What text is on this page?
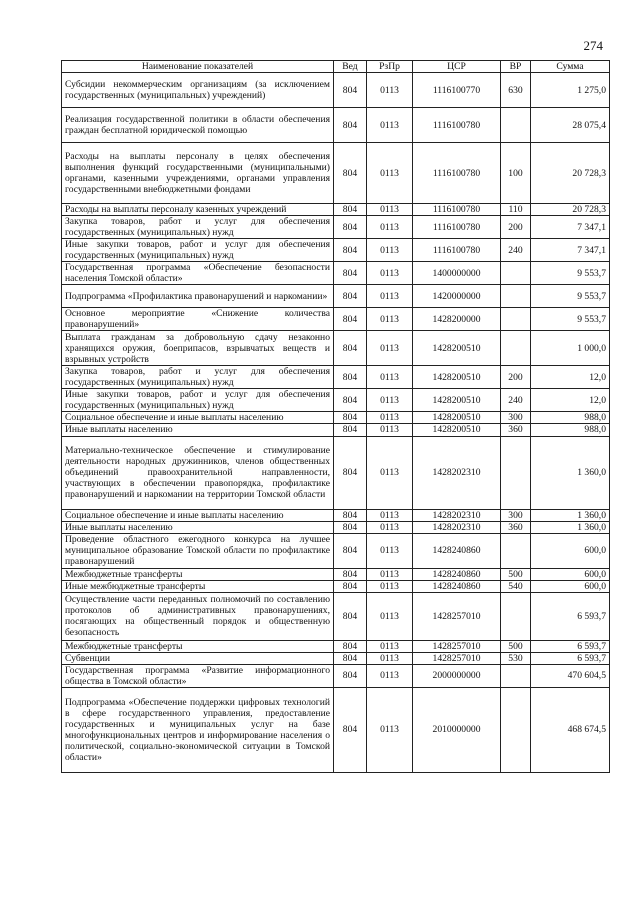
274
Наименование показателей	Вед	РзПр	ЦСР	ВР	Сумма
Субсидии некоммерческим организациям (за исключением государственных (муниципальных) учреждений)	804	0113	1116100770	630	1 275,0
Реализация государственной политики в области обеспечения граждан бесплатной юридической помощью	804	0113	1116100780		28 075,4
Расходы на выплаты персоналу в целях обеспечения выполнения функций государственными (муниципальными) органами, казенными учреждениями, органами управления государственными внебюджетными фондами	804	0113	1116100780	100	20 728,3
Расходы на выплаты персоналу казенных учреждений	804	0113	1116100780	110	20 728,3
Закупка товаров, работ и услуг для обеспечения государственных (муниципальных) нужд	804	0113	1116100780	200	7 347,1
Иные закупки товаров, работ и услуг для обеспечения государственных (муниципальных) нужд	804	0113	1116100780	240	7 347,1
Государственная программа «Обеспечение безопасности населения Томской области»	804	0113	1400000000		9 553,7
Подпрограмма «Профилактика правонарушений и наркомании»	804	0113	1420000000		9 553,7
Основное мероприятие «Снижение количества правонарушений»	804	0113	1428200000		9 553,7
Выплата гражданам за добровольную сдачу незаконно хранящихся оружия, боеприпасов, взрывчатых веществ и взрывных устройств	804	0113	1428200510		1 000,0
Закупка товаров, работ и услуг для обеспечения государственных (муниципальных) нужд	804	0113	1428200510	200	12,0
Иные закупки товаров, работ и услуг для обеспечения государственных (муниципальных) нужд	804	0113	1428200510	240	12,0
Социальное обеспечение и иные выплаты населению	804	0113	1428200510	300	988,0
Иные выплаты населению	804	0113	1428200510	360	988,0
Материально-техническое обеспечение и стимулирование деятельности народных дружинников, членов общественных объединений правоохранительной направленности, участвующих в обеспечении правопорядка, профилактике правонарушений и наркомании на территории Томской области	804	0113	1428202310		1 360,0
Социальное обеспечение и иные выплаты населению	804	0113	1428202310	300	1 360,0
Иные выплаты населению	804	0113	1428202310	360	1 360,0
Проведение областного ежегодного конкурса на лучшее муниципальное образование Томской области по профилактике правонарушений	804	0113	1428240860		600,0
Межбюджетные трансферты	804	0113	1428240860	500	600,0
Иные межбюджетные трансферты	804	0113	1428240860	540	600,0
Осуществление части переданных полномочий по составлению протоколов об административных правонарушениях, посягающих на общественный порядок и общественную безопасность	804	0113	1428257010		6 593,7
Межбюджетные трансферты	804	0113	1428257010	500	6 593,7
Субвенции	804	0113	1428257010	530	6 593,7
Государственная программа «Развитие информационного общества в Томской области»	804	0113	2000000000		470 604,5
Подпрограмма «Обеспечение поддержки цифровых технологий в сфере государственного управления, предоставление государственных и муниципальных услуг на базе многофункциональных центров и информирование населения о политической, социально-экономической ситуации в Томской области»	804	0113	2010000000		468 674,5
